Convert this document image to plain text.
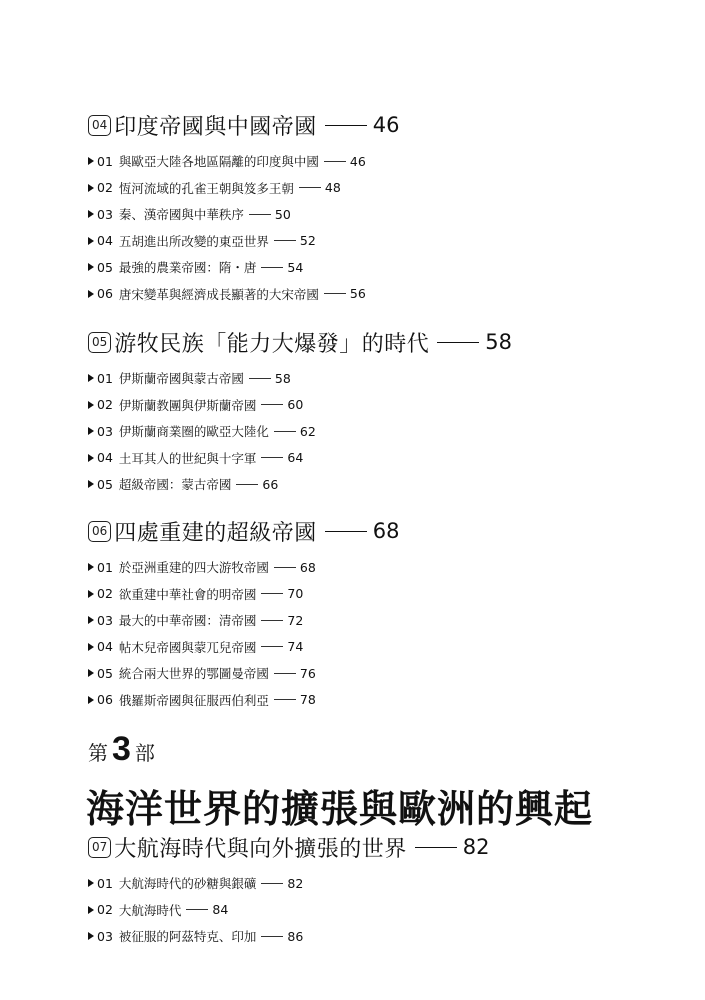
04 印度帝國與中國帝國	46
01 與歐亞大陸各地區隔離的印度與中國 46
02 恆河流域的孔雀王朝與笈多王朝 48
03 秦、漢帝國與中華秩序 50
04 五胡進出所改變的東亞世界 52
05 最強的農業帝國：隋・唐 54
06 唐宋變革與經濟成長顯著的大宋帝國 56
05 游牧民族「能力大爆發」的時代	58
01 伊斯蘭帝國與蒙古帝國 58
02 伊斯蘭教團與伊斯蘭帝國 60
03 伊斯蘭商業圈的歐亞大陸化 62
04 土耳其人的世紀與十字軍 64
05 超級帝國：蒙古帝國 66
06 四處重建的超級帝國	68
01 於亞洲重建的四大游牧帝國 68
02 欲重建中華社會的明帝國 70
03 最大的中華帝國：清帝國 72
04 帖木兒帝國與蒙兀兒帝國 74
05 統合兩大世界的鄂圖曼帝國 76
06 俄羅斯帝國與征服西伯利亞 78
第 3 部
海洋世界的擴張與歐洲的興起
07 大航海時代與向外擴張的世界	82
01 大航海時代的砂糖與銀礦 82
02 大航海時代 84
03 被征服的阿茲特克、印加 86
